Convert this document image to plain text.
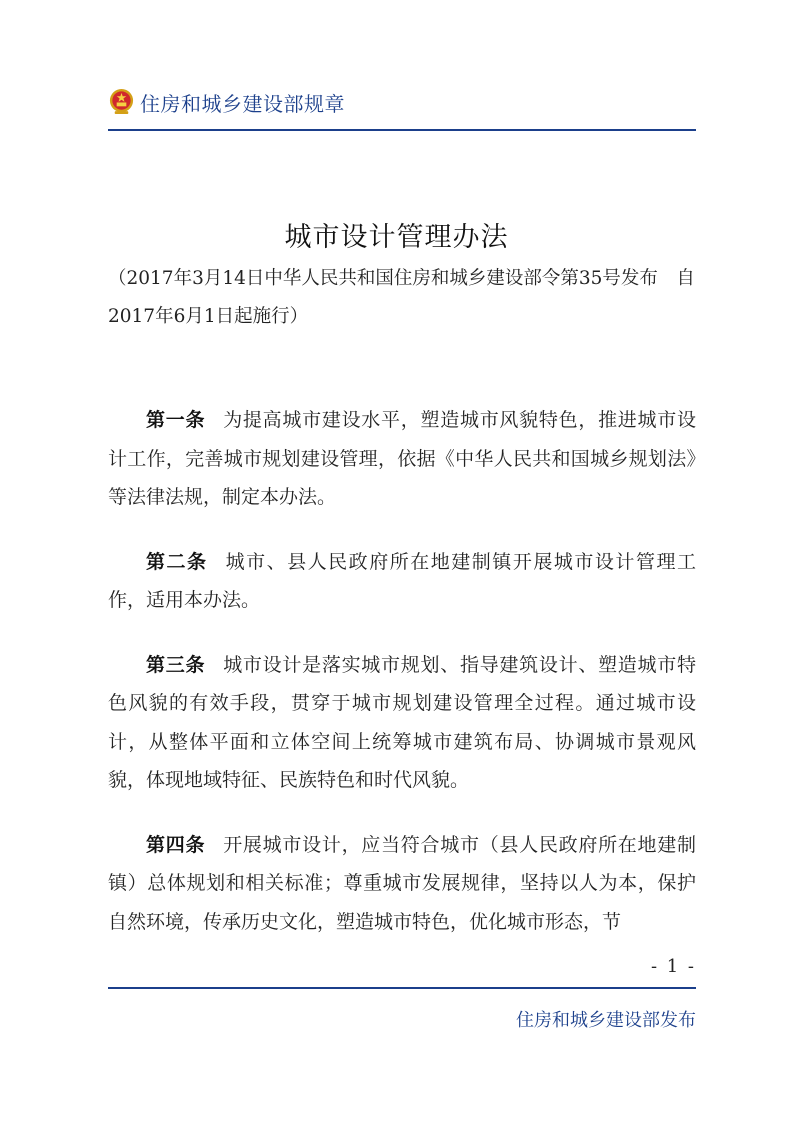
住房和城乡建设部规章
城市设计管理办法
（2017年3月14日中华人民共和国住房和城乡建设部令第35号发布　自2017年6月1日起施行）

第一条 为提高城市建设水平，塑造城市风貌特色，推进城市设计工作，完善城市规划建设管理，依据《中华人民共和国城乡规划法》等法律法规，制定本办法。

第二条 城市、县人民政府所在地建制镇开展城市设计管理工作，适用本办法。

第三条 城市设计是落实城市规划、指导建筑设计、塑造城市特色风貌的有效手段，贯穿于城市规划建设管理全过程。通过城市设计，从整体平面和立体空间上统筹城市建筑布局、协调城市景观风貌，体现地域特征、民族特色和时代风貌。

第四条 开展城市设计，应当符合城市（县人民政府所在地建制镇）总体规划和相关标准；尊重城市发展规律，坚持以人为本，保护自然环境，传承历史文化，塑造城市特色，优化城市形态，节

- 1 -
住房和城乡建设部发布
